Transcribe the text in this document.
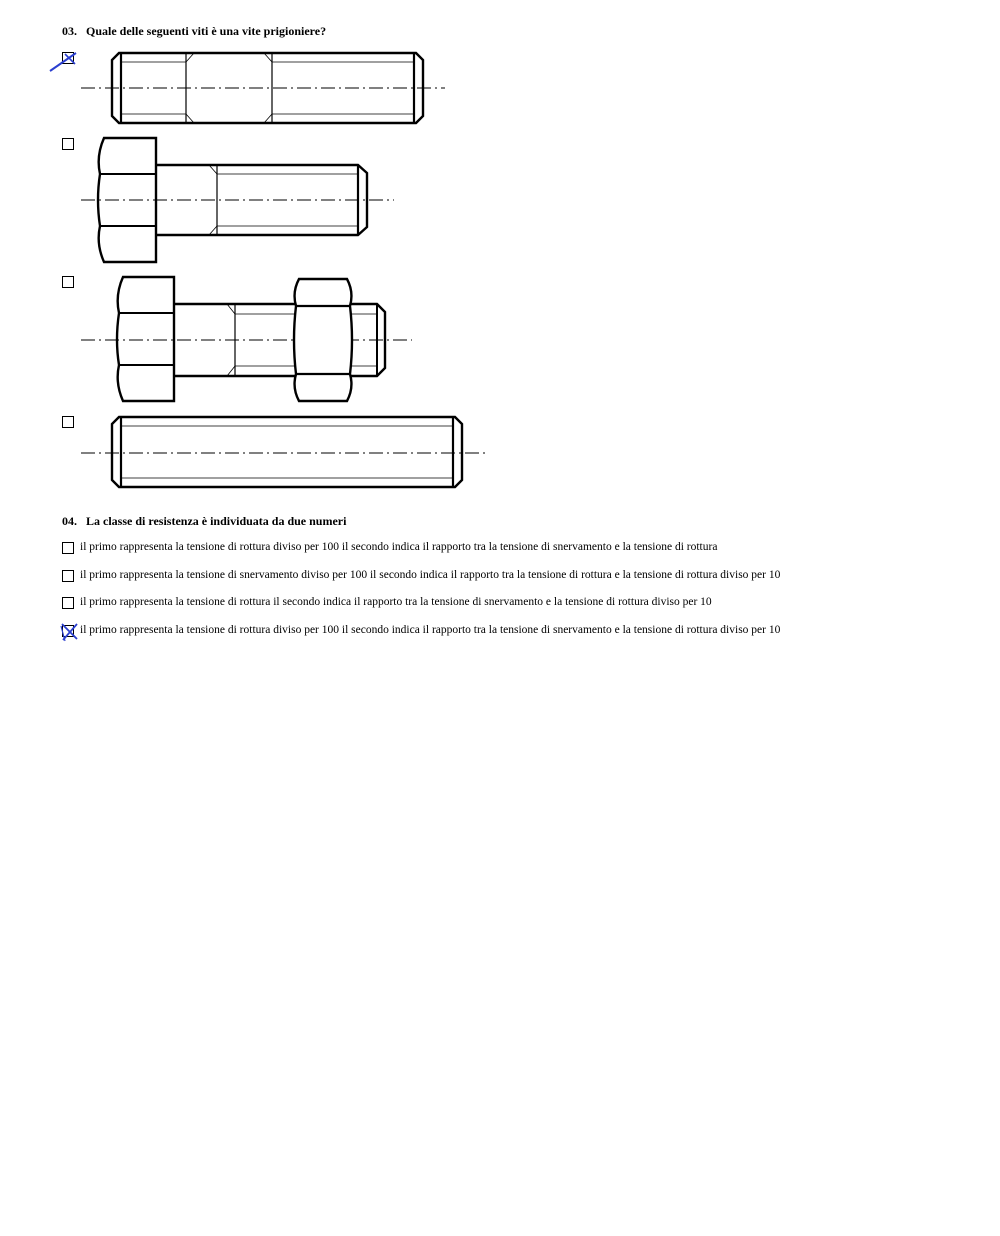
03. Quale delle seguenti viti è una vite prigioniere?
04. La classe di resistenza è individuata da due numeri
il primo rappresenta la tensione di rottura diviso per 100 il secondo indica il rapporto tra la tensione di snervamento e la tensione di rottura
il primo rappresenta la tensione di snervamento diviso per 100 il secondo indica il rapporto tra la tensione di rottura e la tensione di rottura diviso per 10
il primo rappresenta la tensione di rottura il secondo indica il rapporto tra la tensione di snervamento e la tensione di rottura diviso per 10
il primo rappresenta la tensione di rottura diviso per 100 il secondo indica il rapporto tra la tensione di snervamento e la tensione di rottura diviso per 10
